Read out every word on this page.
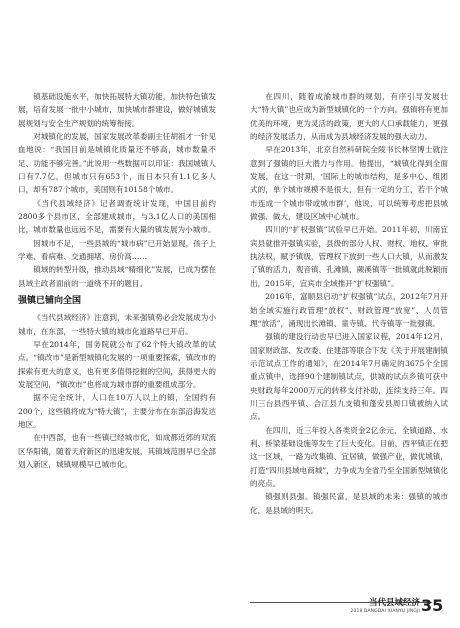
镇基础设施水平，加快拓展特大镇功能，加快特色镇发展，培育发展一批中小城市，加快城市群建设，做好城镇发展规划与安全生产规划的统筹衔接。

对城镇化的发展，国家发展改革委副主任胡祖才一针见血地说：“我国目前是城镇化质量还不够高，城市数量不足、功能不够完善。”此说用一些数据可以印证：我国城镇人口有7.7亿，但城市只有653个，而日本只有1.1亿多人口，却有787个城市，美国则有10158个城市。

《当代县域经济》记者调查统计发现，中国目前约2800多个县市区，全部建成城市，与3.1亿人口的美国相比，城市数量也远远不足，需要有大量的镇发展为小城市。

因城市不足，一些县城的“城市病”已开始显现，孩子上学难、看病难、交通拥堵、房价高……

镇域的转型升级，推动县域“精细化”发展，已成为摆在县域主政者面前的一道绕不开的题目。

强镇已铺向全国

《当代县域经济》注意到，未来强镇势必会发展成为小城市，在东部，一些特大镇的城市化道路早已开启。

早在2014年，国务院就公布了62个特大镇改革的试点。“镇改市”是新型城镇化发展的一项重要探索，镇改市的探索有更大的意义，也有更多值得挖掘的空间，获得更大的发展空间，“镇改市”也将成为城市群的重要组成部分。

据不完全统计，人口在10万人以上的镇，全国约有200个，这些镇将成为“特大镇”，主要分布在东部沿海发达地区。

在中西部，也有一些镇已经城市化，如成都近郊的双流区华阳镇，随着天府新区的迅速发展，其镇域范围早已全部划入新区，城镇规模早已城市化。

在四川，随着成渝城市群的规划，有序引导发展壮大“特大镇”也应成为新型城镇化的一个方向。强镇将有更加优美的环境，更为灵活的政策，更大的人口承载能力，更强的经济发展活力，从而成为县域经济发展的强大动力。

早在2013年，北京自然科研院全陵书长林坚博士就注意到了强镇的巨大潜力与作用。他提出，“城镇化得到全面发展，在这一时期，‘国际上的城市结构，是多中心、组团式的，单个城市规模不是很大，但有一定的分工，若干个城市连成一个城市带或城市群’，他说，可以统筹考虑把县城做强、做大，建设区域中心城市。

四川的“扩权强镇”试验早已开始。2011年初，川南宜宾县就推开强镇实验，县级的部分人权、财权、地权、审批执法权，赋予镇级，管理权下放到一些人口大镇，从而激发了镇的活力，观音镇、孔滩镇、蕨溪镇等一批镇就此脱颖而出，2015年，宜宾市全域推开“扩权强镇”。

2016年，富顺县启动“扩权强镇”试点，2012年7月开始全域实施行政管理“放权”、财政管理“放宽”、人员管理“放活”，涌现出长滩镇、童寺镇、代寺镇等一批强镇。

强镇的建设行动也早已进入国家议程，2014年12月，国家财政部、发改委、住建部等联合下发《关于开展建制镇示范试点工作的通知》，在2014年7月确定的3675个全国重点镇中，选择90个建制镇试点，供城的试点乡镇可获中央财政每年2000万元的转移支付补助，连续支持三年。四川三台县西平镇、合江县九支镇和蓬安县周口镇被纳入试点。

在四川，近三年投入各类资金2亿余元，全镇道路、水利、桥梁基础设施等发生了巨大变化。目前，西平镇正在把这一区域，一路为改集镇、宜居镇，做强产业，做优城镇，打造“四川县域电商城”，力争成为全省乃至全国新型城镇化的亮点。

镇强则县强。镇强民富，是县域的未来：强镇的城市化，是县域的明天。

当代县域经济
2018 DANGDAI XIANYU JINGJI 35
